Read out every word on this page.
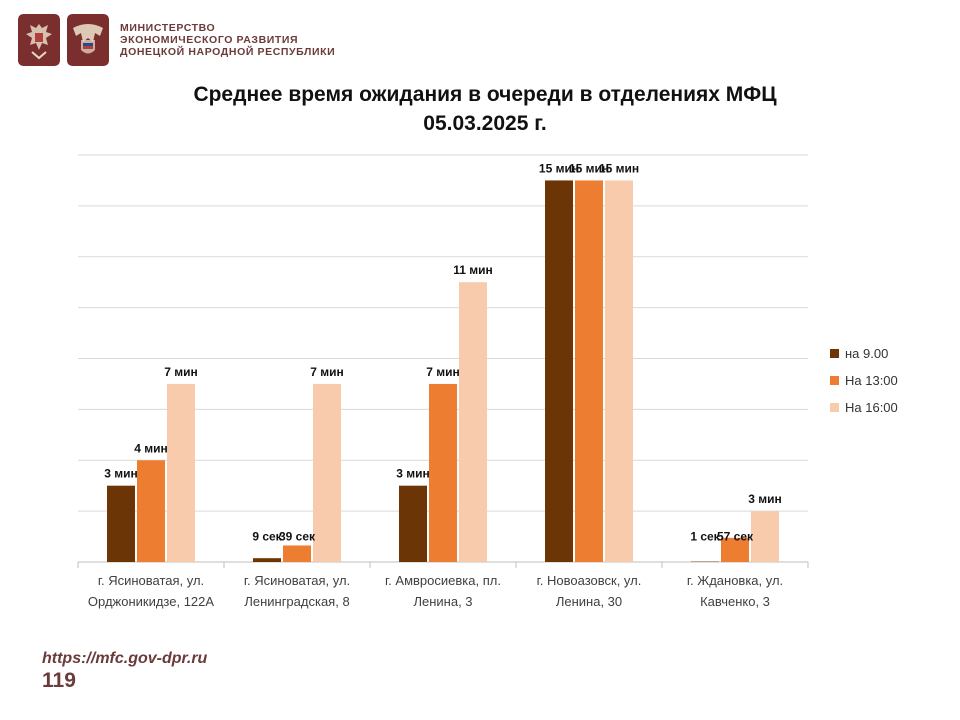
МИНИСТЕРСТВО
ЭКОНОМИЧЕСКОГО РАЗВИТИЯ
ДОНЕЦКОЙ НАРОДНОЙ РЕСПУБЛИКИ
Среднее время ожидания в очереди в отделениях МФЦ
05.03.2025 г.
г. Ясиноватая, ул.
Орджоникидзе, 122А
г. Ясиноватая, ул.
Ленинградская, 8
г. Амвросиевка, пл.
Ленина, 3
г. Новоазовск, ул.
Ленина, 30
г. Ждановка, ул.
Кавченко, 3
3 мин
9 сек
3 мин
15 мин
1 сек
4 мин
39 сек
7 мин
15 мин
57 сек
7 мин	7 мин
11 мин
15 мин
3 мин
на 9.00
На 13:00
На 16:00
https://mfc.gov-dpr.ru
119
